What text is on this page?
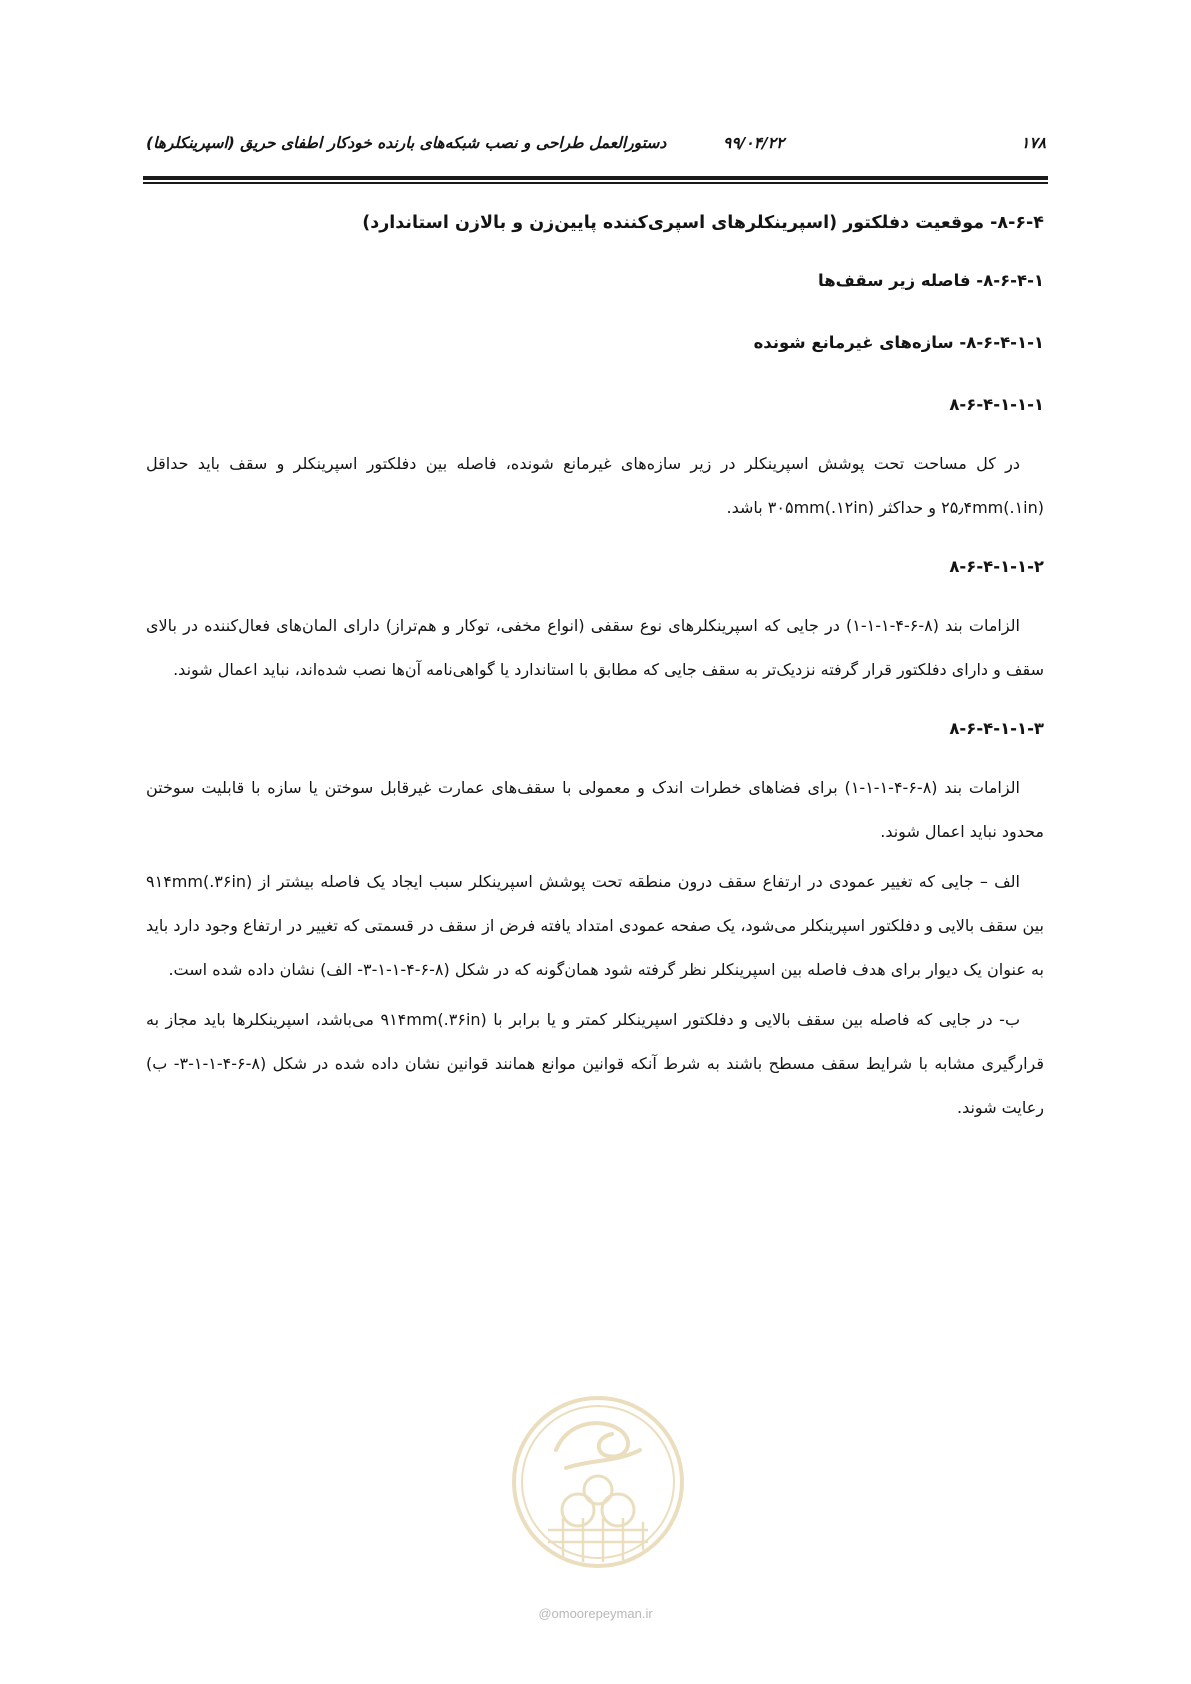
۱۷۸
۹۹/۰۴/۲۲
دستورالعمل طراحی و نصب شبکه‌های بارنده خودکار اطفای حریق (اسپرینکلرها)
۸-۶-۴- موقعیت دفلکتور (اسپرینکلرهای اسپری‌کننده پایین‌زن و بالازن استاندارد)
۸-۶-۴-۱- فاصله زیر سقف‌ها
۸-۶-۴-۱-۱- سازه‌های غیرمانع شونده
۸-۶-۴-۱-۱-۱

در کل مساحت تحت پوشش اسپرینکلر در زیر سازه‌های غیرمانع شونده، فاصله بین دفلکتور اسپرینکلر و سقف باید حداقل ۲۵٫۴mm(.۱in) و حداکثر ۳۰۵mm(.۱۲in) باشد.

۸-۶-۴-۱-۱-۲

الزامات بند (۸-۶-۴-۱-۱-۱) در جایی که اسپرینکلرهای نوع سقفی (انواع مخفی، توکار و هم‌تراز) دارای المان‌های فعال‌کننده در بالای سقف و دارای دفلکتور قرار گرفته نزدیک‌تر به سقف جایی که مطابق با استاندارد یا گواهی‌نامه آن‌ها نصب شده‌اند، نباید اعمال شوند.

۸-۶-۴-۱-۱-۳

الزامات بند (۸-۶-۴-۱-۱-۱) برای فضاهای خطرات اندک و معمولی با سقف‌های عمارت غیرقابل سوختن یا سازه با قابلیت سوختن محدود نباید اعمال شوند.

الف – جایی که تغییر عمودی در ارتفاع سقف درون منطقه تحت پوشش اسپرینکلر سبب ایجاد یک فاصله بیشتر از ۹۱۴mm(.۳۶in) بین سقف بالایی و دفلکتور اسپرینکلر می‌شود، یک صفحه عمودی امتداد یافته فرض از سقف در قسمتی که تغییر در ارتفاع وجود دارد باید به عنوان یک دیوار برای هدف فاصله بین اسپرینکلر نظر گرفته شود همان‌گونه که در شکل (۸-۶-۴-۱-۱-۳- الف) نشان داده شده است.

ب- در جایی که فاصله بین سقف بالایی و دفلکتور اسپرینکلر کمتر و یا برابر با ۹۱۴mm(.۳۶in) می‌باشد، اسپرینکلرها باید مجاز به قرارگیری مشابه با شرایط سقف مسطح باشند به شرط آنکه قوانین موانع همانند قوانین نشان داده شده در شکل (۸-۶-۴-۱-۱-۳- ب) رعایت شوند.

@omoorepeyman.ir
